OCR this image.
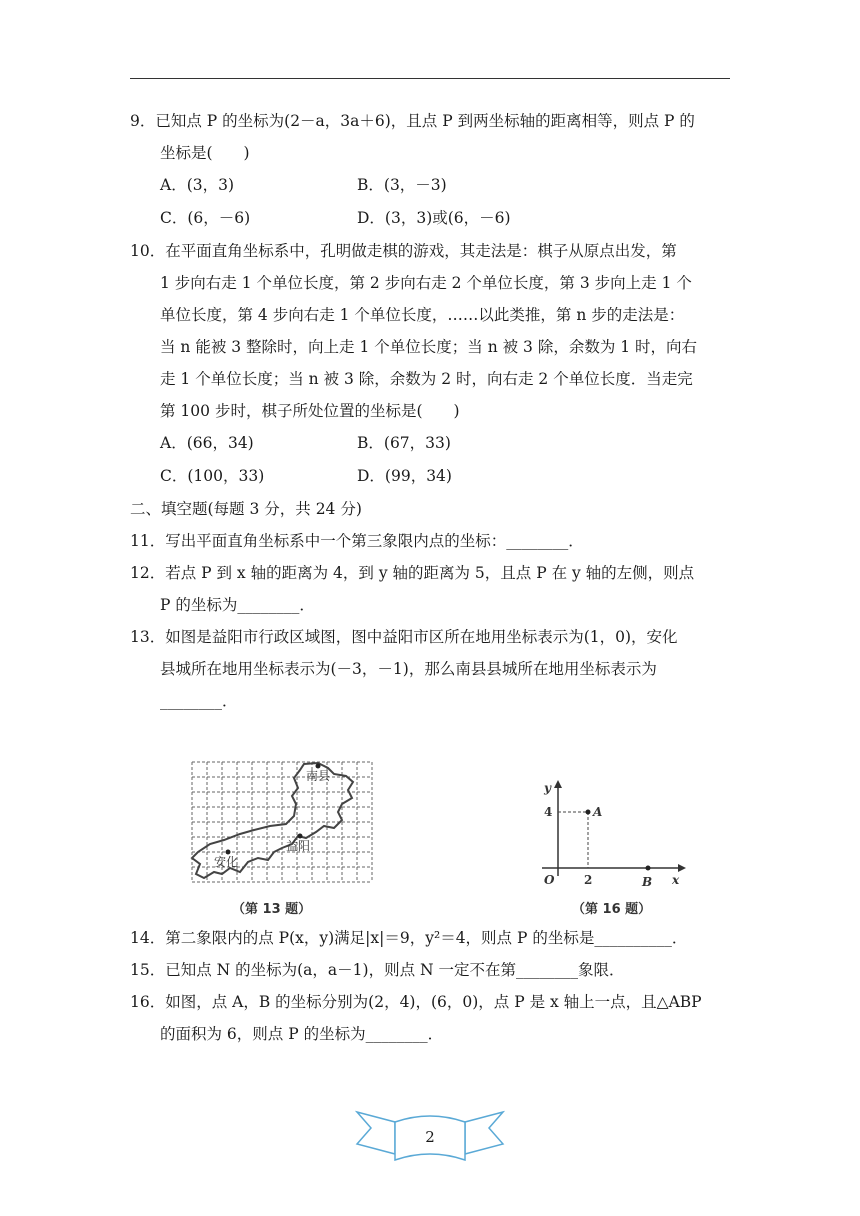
9．已知点 P 的坐标为(2－a，3a＋6)，且点 P 到两坐标轴的距离相等，则点 P 的
坐标是(　　)
A．(3，3)	B．(3，－3)
C．(6，－6)	D．(3，3)或(6，－6)
10．在平面直角坐标系中，孔明做走棋的游戏，其走法是：棋子从原点出发，第
1 步向右走 1 个单位长度，第 2 步向右走 2 个单位长度，第 3 步向上走 1 个
单位长度，第 4 步向右走 1 个单位长度，……以此类推，第 n 步的走法是：
当 n 能被 3 整除时，向上走 1 个单位长度；当 n 被 3 除，余数为 1 时，向右
走 1 个单位长度；当 n 被 3 除，余数为 2 时，向右走 2 个单位长度．当走完
第 100 步时，棋子所处位置的坐标是(　　)
A．(66，34)	B．(67，33)
C．(100，33)	D．(99，34)
二、填空题(每题 3 分，共 24 分)
11．写出平面直角坐标系中一个第三象限内点的坐标：________．
12．若点 P 到 x 轴的距离为 4，到 y 轴的距离为 5，且点 P 在 y 轴的左侧，则点
P 的坐标为________．
13．如图是益阳市行政区域图，图中益阳市区所在地用坐标表示为(1，0)，安化
县城所在地用坐标表示为(－3，－1)，那么南县县城所在地用坐标表示为
________．
南县
益阳
安化
（第 13 题）
y
4	A
O 2	B x
（第 16 题）
14．第二象限内的点 P(x，y)满足|x|＝9，y²＝4，则点 P 的坐标是__________．
15．已知点 N 的坐标为(a，a－1)，则点 N 一定不在第________象限．
16．如图，点 A，B 的坐标分别为(2，4)，(6，0)，点 P 是 x 轴上一点，且△ABP
的面积为 6，则点 P 的坐标为________．
2
